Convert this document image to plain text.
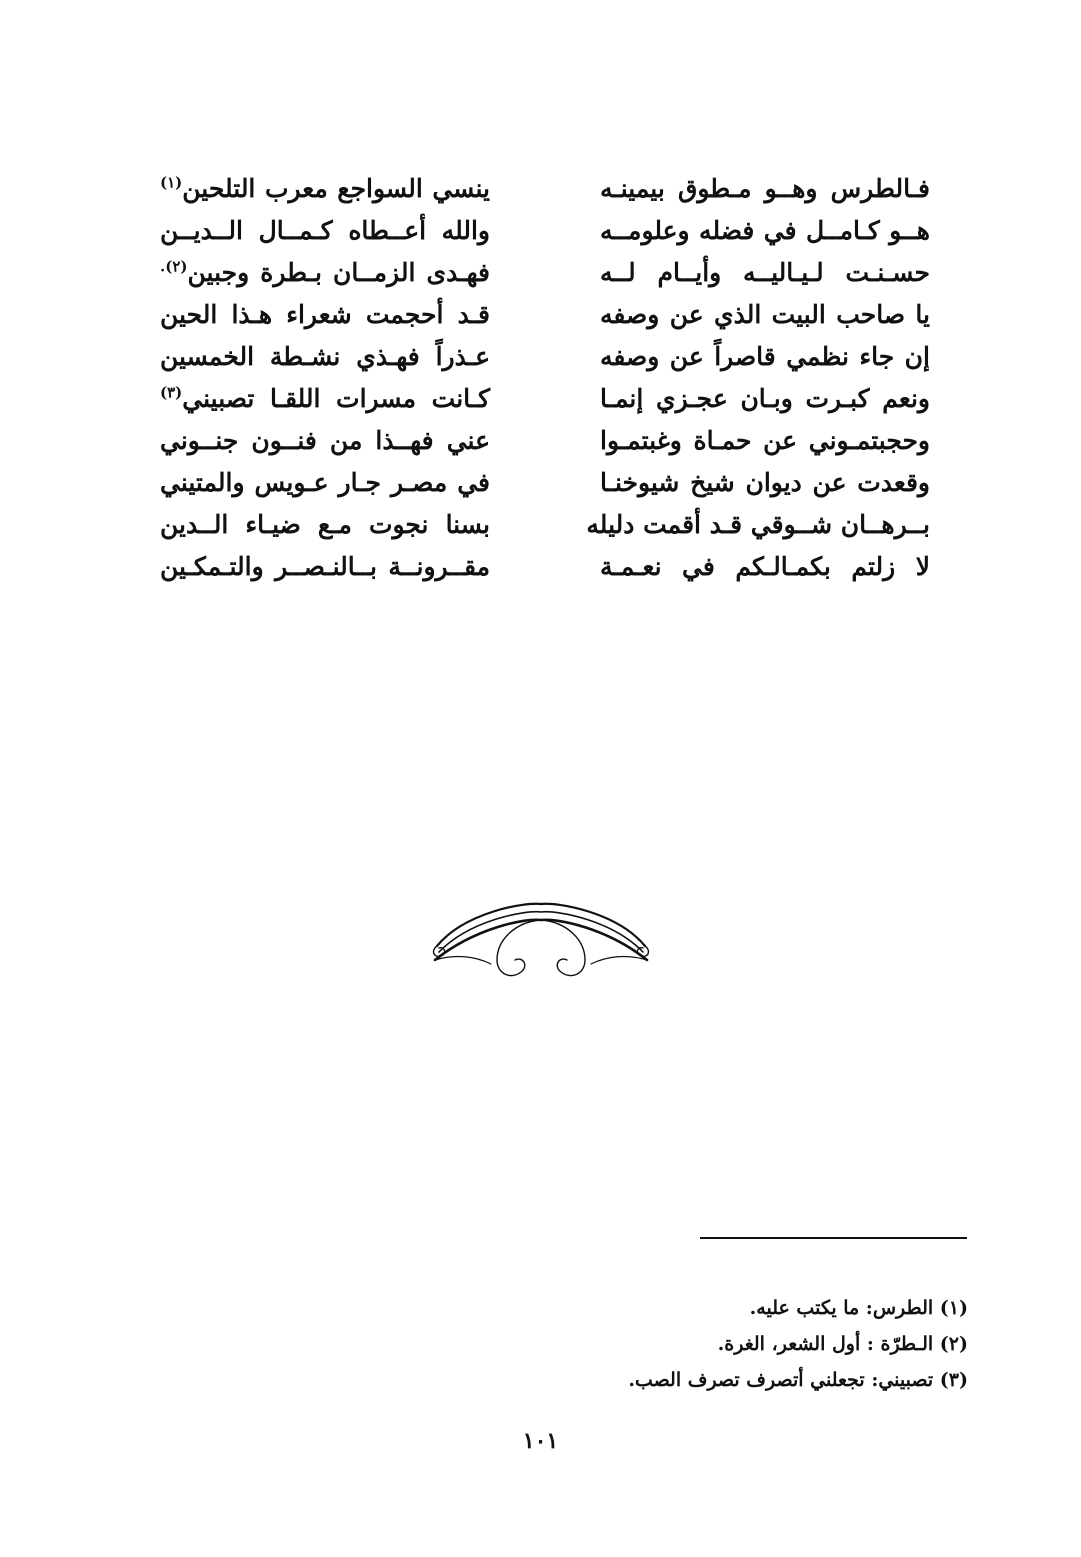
فـالطرس وهــو مـطوق بيمينـه
ينسي السواجع معرب التلحين$^{(١)}$
هــو كـامــل في فضله وعلومــه
والله أعــطاه كـمــال الــديــن
حسـنـت لـيـاليــه وأيــام لــه
فهـدى الزمــان بـطرة وجبين$^{(٢).}$
يا صاحب البيت الذي عن وصفه
قـد أحجمت شعراء هـذا الحين
إن جاء نظمي قاصراً عن وصفه
عـذراً فهـذي نشـطة الخمسين
ونعم كبـرت وبـان عجـزي إنمـا
كـانت مسرات اللقـا تصبيني$^{(٣)}$
وحجبتمـوني عن حمـاة وغبتمـوا
عني فهــذا من فنــون جنــوني
وقعدت عن ديوان شيخ شيوخنـا
في مصـر جـار عـويس والمتيني
بــرهــان شــوقي قـد أقمت دليله
بسنا نجوت مـع ضيـاء الــدين
لا زلتم بكمـالـكم في نعـمـة
مقــرونــة بــالنـصــر والتـمكـين
(١) الطرس: ما يكتب عليه.
(٢) الـطرّة : أول الشعر، الغرة.
(٣) تصبيني: تجعلني أتصرف تصرف الصب.
١٠١
